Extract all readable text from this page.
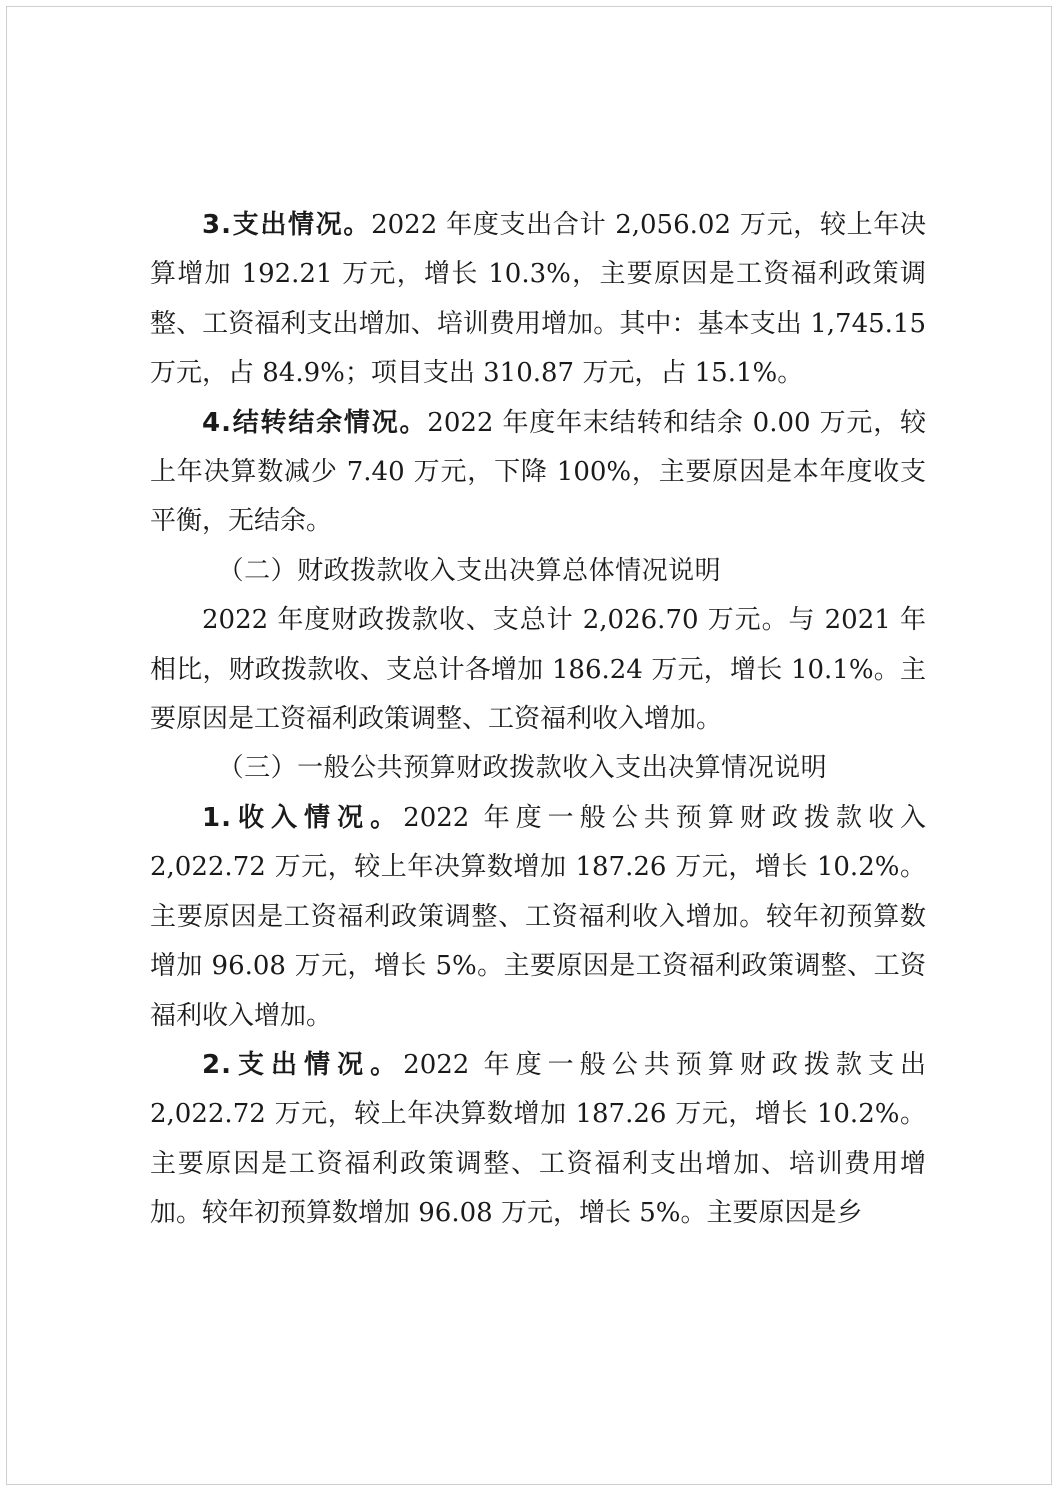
3.支出情况。2022 年度支出合计 2,056.02 万元，较上年决算增加 192.21 万元，增长 10.3%，主要原因是工资福利政策调整、工资福利支出增加、培训费用增加。其中：基本支出 1,745.15 万元，占 84.9%；项目支出 310.87 万元，占 15.1%。

4.结转结余情况。2022 年度年末结转和结余 0.00 万元，较上年决算数减少 7.40 万元，下降 100%，主要原因是本年度收支平衡，无结余。

（二）财政拨款收入支出决算总体情况说明

2022 年度财政拨款收、支总计 2,026.70 万元。与 2021 年相比，财政拨款收、支总计各增加 186.24 万元，增长 10.1%。主要原因是工资福利政策调整、工资福利收入增加。

（三）一般公共预算财政拨款收入支出决算情况说明

1.收入情况。2022 年度一般公共预算财政拨款收入 2,022.72 万元，较上年决算数增加 187.26 万元，增长 10.2%。主要原因是工资福利政策调整、工资福利收入增加。较年初预算数增加 96.08 万元，增长 5%。主要原因是工资福利政策调整、工资福利收入增加。

2.支出情况。2022 年度一般公共预算财政拨款支出 2,022.72 万元，较上年决算数增加 187.26 万元，增长 10.2%。主要原因是工资福利政策调整、工资福利支出增加、培训费用增加。较年初预算数增加 96.08 万元，增长 5%。主要原因是乡
